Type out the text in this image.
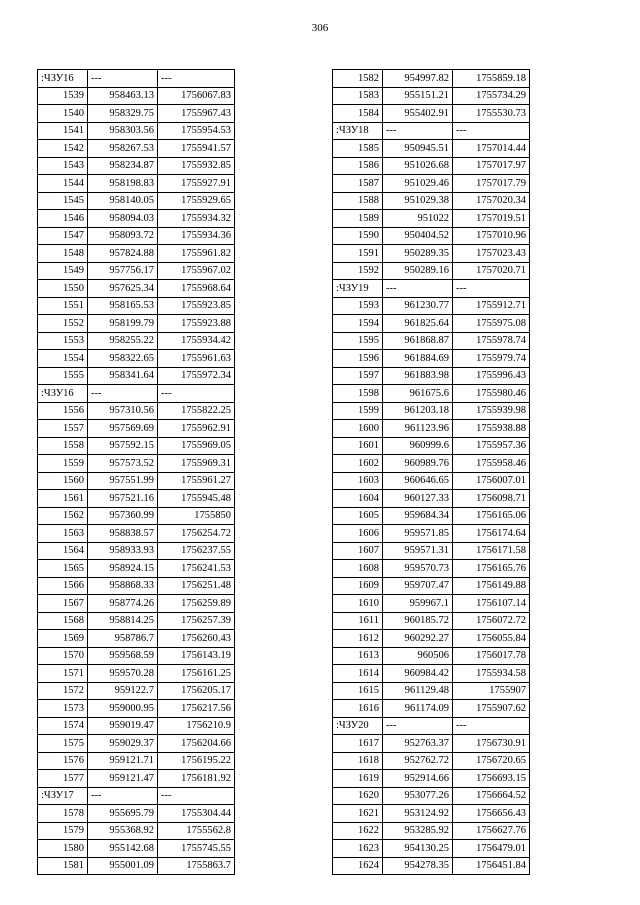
306
:ЧЗУ16	---	---
1539	958463.13	1756067.83
1540	958329.75	1755967.43
1541	958303.56	1755954.53
1542	958267.53	1755941.57
1543	958234.87	1755932.85
1544	958198.83	1755927.91
1545	958140.05	1755929.65
1546	958094.03	1755934.32
1547	958093.72	1755934.36
1548	957824.88	1755961.82
1549	957756.17	1755967.02
1550	957625.34	1755968.64
1551	958165.53	1755923.85
1552	958199.79	1755923.88
1553	958255.22	1755934.42
1554	958322.65	1755961.63
1555	958341.64	1755972.34
:ЧЗУ16	---	---
1556	957310.56	1755822.25
1557	957569.69	1755962.91
1558	957592.15	1755969.05
1559	957573.52	1755969.31
1560	957551.99	1755961.27
1561	957521.16	1755945.48
1562	957360.99	1755850
1563	958838.57	1756254.72
1564	958933.93	1756237.55
1565	958924.15	1756241.53
1566	958868.33	1756251.48
1567	958774.26	1756259.89
1568	958814.25	1756257.39
1569	958786.7	1756260.43
1570	959568.59	1756143.19
1571	959570.28	1756161.25
1572	959122.7	1756205.17
1573	959000.95	1756217.56
1574	959019.47	1756210.9
1575	959029.37	1756204.66
1576	959121.71	1756195.22
1577	959121.47	1756181.92
:ЧЗУ17	---	---
1578	955695.79	1755304.44
1579	955368.92	1755562.8
1580	955142.68	1755745.55
1581	955001.09	1755863.7
1582	954997.82	1755859.18
1583	955151.21	1755734.29
1584	955402.91	1755530.73
:ЧЗУ18	---	---
1585	950945.51	1757014.44
1586	951026.68	1757017.97
1587	951029.46	1757017.79
1588	951029.38	1757020.34
1589	951022	1757019.51
1590	950404.52	1757010.96
1591	950289.35	1757023.43
1592	950289.16	1757020.71
:ЧЗУ19	---	---
1593	961230.77	1755912.71
1594	961825.64	1755975.08
1595	961868.87	1755978.74
1596	961884.69	1755979.74
1597	961883.98	1755996.43
1598	961675.6	1755980.46
1599	961203.18	1755939.98
1600	961123.96	1755938.88
1601	960999.6	1755957.36
1602	960989.76	1755958.46
1603	960646.65	1756007.01
1604	960127.33	1756098.71
1605	959684.34	1756165.06
1606	959571.85	1756174.64
1607	959571.31	1756171.58
1608	959570.73	1756165.76
1609	959707.47	1756149.88
1610	959967.1	1756107.14
1611	960185.72	1756072.72
1612	960292.27	1756055.84
1613	960506	1756017.78
1614	960984.42	1755934.58
1615	961129.48	1755907
1616	961174.09	1755907.62
:ЧЗУ20	---	---
1617	952763.37	1756730.91
1618	952762.72	1756720.65
1619	952914.66	1756693.15
1620	953077.26	1756664.52
1621	953124.92	1756656.43
1622	953285.92	1756627.76
1623	954130.25	1756479.01
1624	954278.35	1756451.84
